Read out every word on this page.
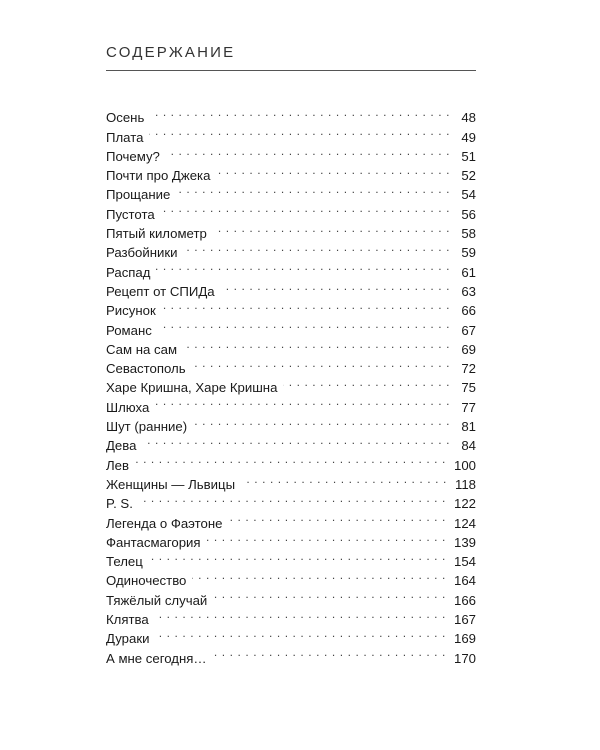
СОДЕРЖАНИЕ
Осень . . .	48
Плата . . .	49
Почему? . . .	51
Почти про Джека . . .	52
Прощание . . .	54
Пустота . . .	56
Пятый километр . . .	58
Разбойники . . .	59
Распад . . .	61
Рецепт от СПИДа . . .	63
Рисунок . . .	66
Романс . . .	67
Сам на сам . . .	69
Севастополь . . .	72
Харе Кришна, Харе Кришна . . .	75
Шлюха . . .	77
Шут (ранние) . . .	81
Дева . . .	84
Лев . . .	100
Женщины — Львицы . . .	118
P. S. . . .	122
Легенда о Фаэтоне . . .	124
Фантасмагория . . .	139
Телец . . .	154
Одиночество . . .	164
Тяжёлый случай . . .	166
Клятва . . .	167
Дураки . . .	169
А мне сегодня… . . .	170
